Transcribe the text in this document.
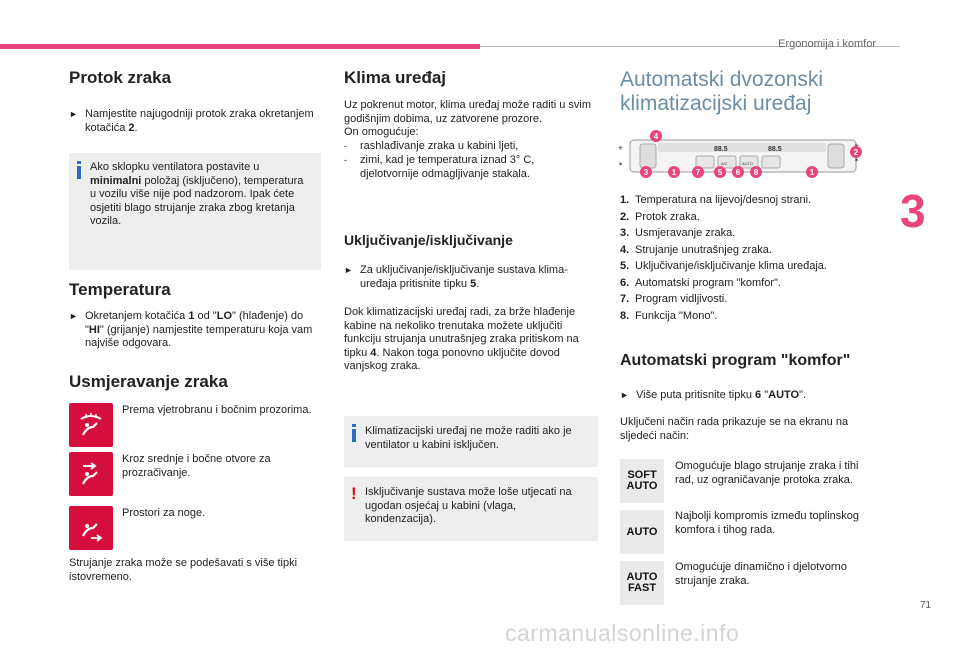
Ergonomija i komfor
3
71
Protok zraka
► Namjestite najugodniji protok zraka okretanjem kotačića 2.

Ako sklopku ventilatora postavite u minimalni položaj (isključeno), temperatura u vozilu više nije pod nadzorom. Ipak ćete osjetiti blago strujanje zraka zbog kretanja vozila.

Temperatura
► Okretanjem kotačića 1 od "LO" (hlađenje) do "HI" (grijanje) namjestite temperaturu koja vam najviše odgovara.
Usmjeravanje zraka

Prema vjetrobranu i bočnim prozorima.

Kroz srednje i bočne otvore za prozračivanje.

Prostori za noge.

Strujanje zraka može se podešavati s više tipki istovremeno.

Klima uređaj

Uz pokrenut motor, klima uređaj može raditi u svim godišnjim dobima, uz zatvorene prozore.

On omogućuje:

-	rashlađivanje zraka u kabini ljeti,
-	zimi, kad je temperatura iznad 3° C, djelotvornije odmagljivanje stakala.
Uključivanje/isključivanje
► Za uključivanje/isključivanje sustava klima-uređaja pritisnite tipku 5.

Dok klimatizacijski uređaj radi, za brže hlađenje kabine na nekoliko trenutaka možete uključiti funkciju strujanja unutrašnjeg zraka pritiskom na tipku 4. Nakon toga ponovno uključite dovod vanjskog zraka.

Klimatizacijski uređaj ne može raditi ako je ventilator u kabini isključen.

! Isključivanje sustava može loše utjecati na ugodan osjećaj u kabini (vlaga, kondenzacija).

Automatski dvozonski
klimatizacijski uređaj
88.5	88.5
A/C	AUTO
✳
✶
✶
4
2
3	1 7 5 6 8	1
1. Temperatura na lijevoj/desnoj strani.
2. Protok zraka.
3. Usmjeravanje zraka.
4. Strujanje unutrašnjeg zraka.
5. Uključivanje/isključivanje klima uređaja.
6. Automatski program "komfor".
7. Program vidljivosti.
8. Funkcija "Mono".
Automatski program "komfor"
► Više puta pritisnite tipku 6 "AUTO".

Uključeni način rada prikazuje se na ekranu na sljedeći način:

SOFT
AUTO

Omogućuje blago strujanje zraka i tihi rad, uz ograničavanje protoka zraka.

AUTO

Najbolji kompromis između toplinskog komfora i tihog rada.

AUTO
FAST

Omogućuje dinamično i djelotvorno strujanje zraka.

carmanualsonline.info
